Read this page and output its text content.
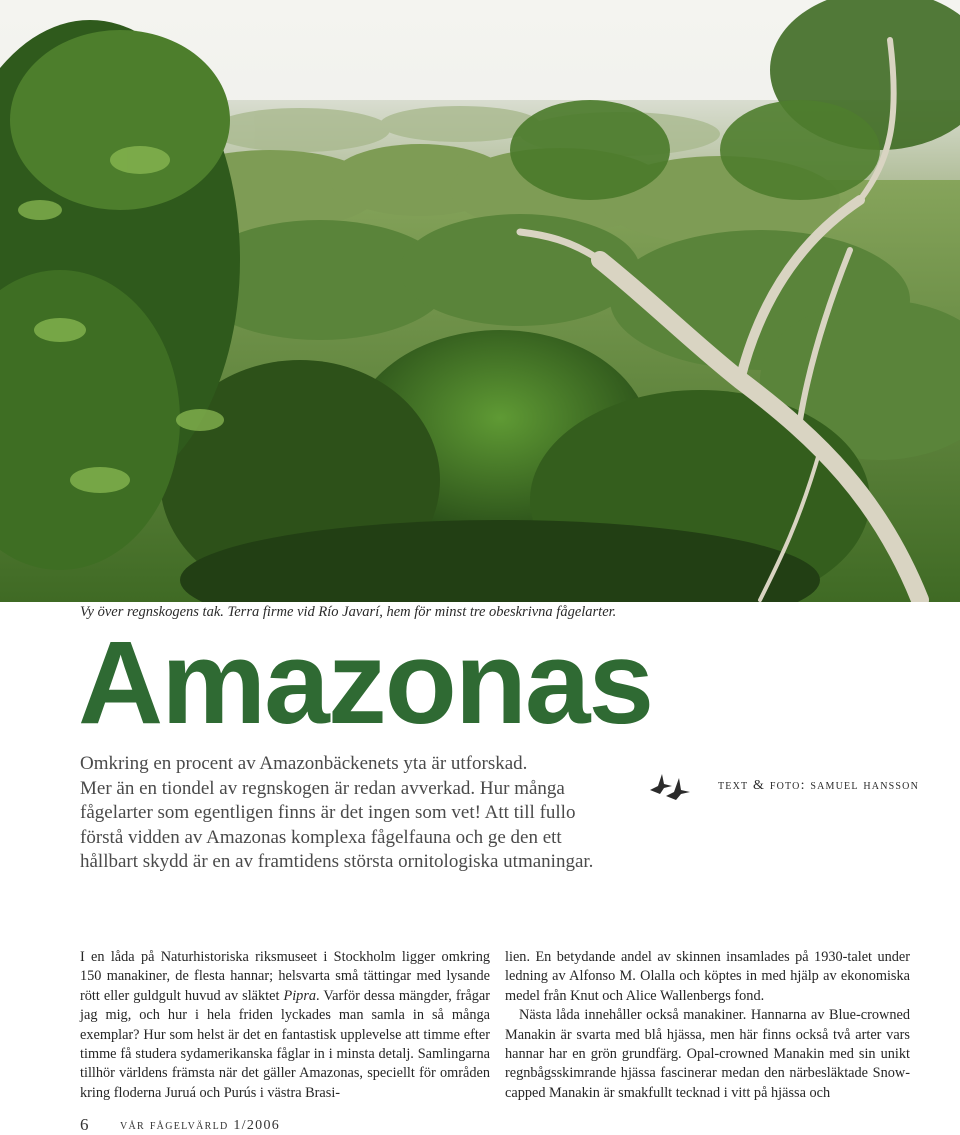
Vy över regnskogens tak. Terra firme vid Río Javarí, hem för minst tre obeskrivna fågelarter.
Amazonas

Omkring en procent av Amazonbäckenets yta är utforskad.

Mer än en tiondel av regnskogen är redan avverkad. Hur många

fågelarter som egentligen finns är det ingen som vet! Att till fullo

förstå vidden av Amazonas komplexa fågelfauna och ge den ett

hållbart skydd är en av framtidens största ornitologiska utmaningar.

text & foto: samuel hansson

I en låda på Naturhistoriska riksmuseet i Stockholm ligger omkring 150 manakiner, de flesta hannar; helsvarta små tättingar med lysande rött eller guldgult huvud av släktet Pipra. Varför dessa mängder, frågar jag mig, och hur i hela friden lyckades man samla in så många exemplar? Hur som helst är det en fantastisk upplevelse att timme efter timme få studera sydamerikanska fåglar in i minsta detalj. Samlingarna tillhör världens främsta när det gäller Amazonas, speciellt för områden kring floderna Juruá och Purús i västra Brasi-

lien. En betydande andel av skinnen insamlades på 1930-talet under ledning av Alfonso M. Olalla och köptes in med hjälp av ekonomiska medel från Knut och Alice Wallenbergs fond.

Nästa låda innehåller också manakiner. Hannarna av Blue-crowned Manakin är svarta med blå hjässa, men här finns också två arter vars hannar har en grön grundfärg. Opal-crowned Manakin med sin unikt regnbågsskimrande hjässa fascinerar medan den närbesläktade Snow-capped Manakin är smakfullt tecknad i vitt på hjässa och

6 vår fågelvärld 1/2006
